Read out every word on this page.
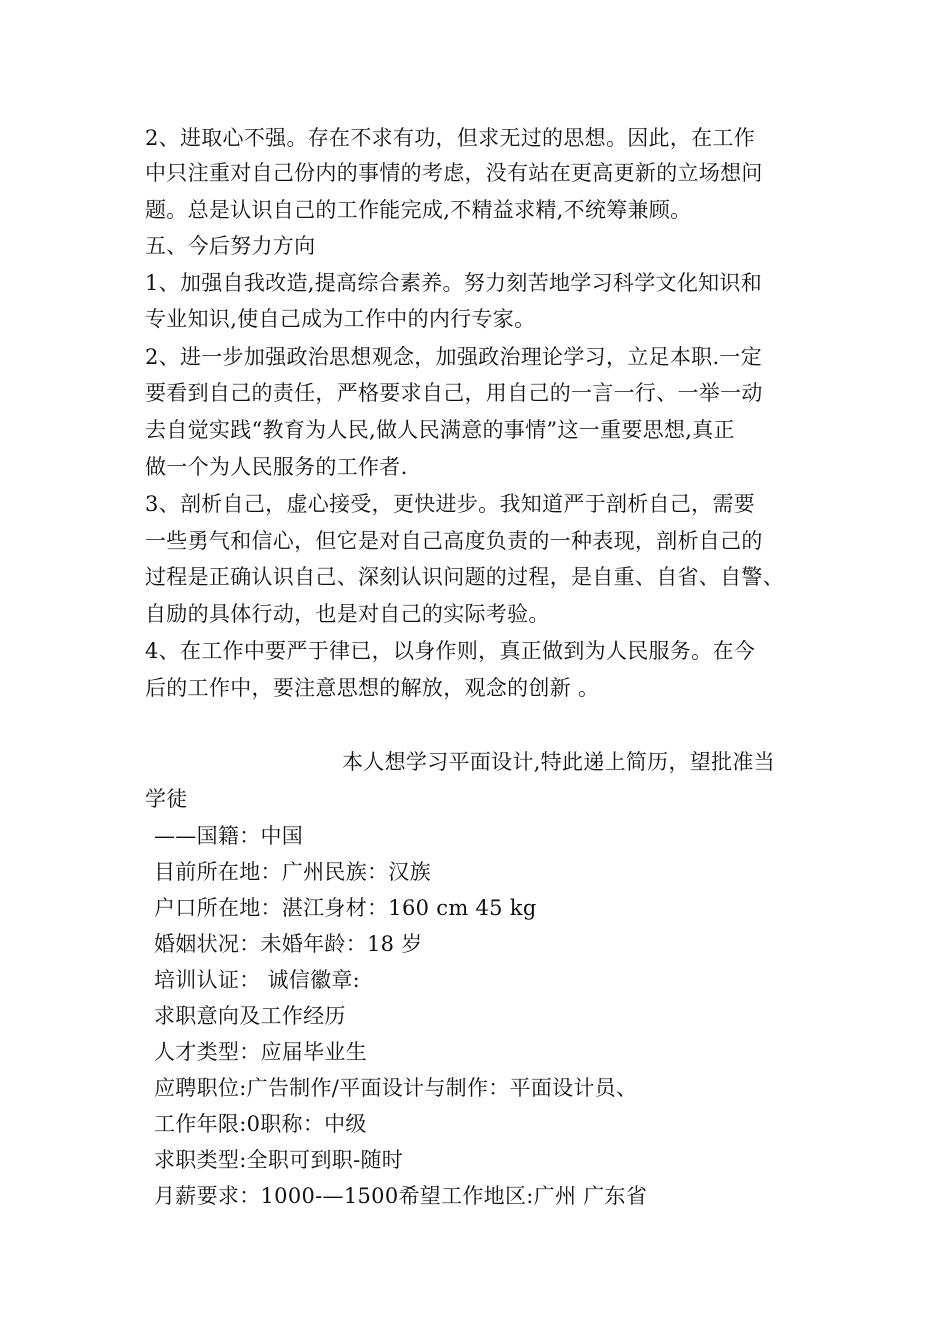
2、进取心不强。存在不求有功，但求无过的思想。因此，在工作
中只注重对自己份内的事情的考虑，没有站在更高更新的立场想问
题。总是认识自己的工作能完成,不精益求精,不统筹兼顾。
五、今后努力方向
1、加强自我改造,提高综合素养。努力刻苦地学习科学文化知识和
专业知识,使自己成为工作中的内行专家。
2、进一步加强政治思想观念，加强政治理论学习，立足本职.一定
要看到自己的责任，严格要求自己，用自己的一言一行、一举一动
去自觉实践“教育为人民,做人民满意的事情”这一重要思想,真正
做一个为人民服务的工作者.
3、剖析自己，虚心接受，更快进步。我知道严于剖析自己，需要
一些勇气和信心，但它是对自己高度负责的一种表现，剖析自己的
过程是正确认识自己、深刻认识问题的过程，是自重、自省、自警、
自励的具体行动，也是对自己的实际考验。
4、在工作中要严于律已，以身作则，真正做到为人民服务。在今
后的工作中，要注意思想的解放，观念的创新 。
本人想学习平面设计,特此递上简历，望批准当
学徒
——国籍：中国
目前所在地：广州民族：汉族
户口所在地：湛江身材：160 cm 45 kg
婚姻状况：未婚年龄：18 岁
培训认证： 诚信徽章:
求职意向及工作经历
人才类型：应届毕业生
应聘职位:广告制作/平面设计与制作：平面设计员、
工作年限:0职称：中级
求职类型:全职可到职-随时
月薪要求：1000-—1500希望工作地区:广州 广东省
